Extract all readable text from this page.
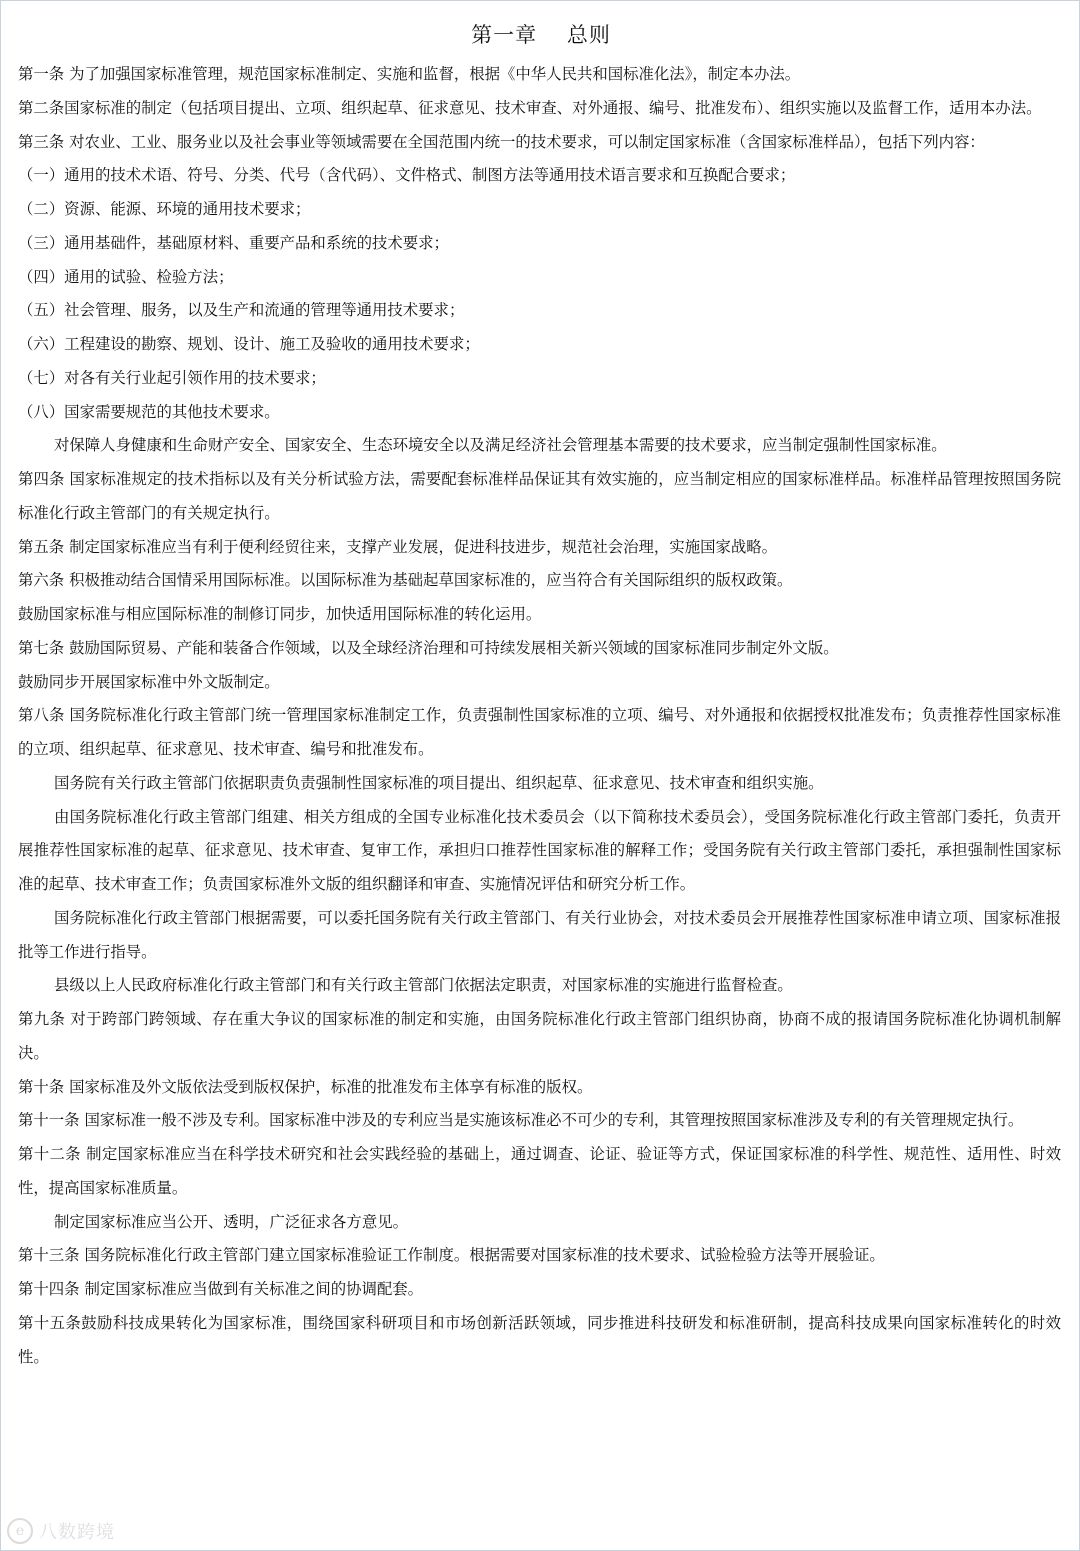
第一章　 总则

第一条 为了加强国家标准管理，规范国家标准制定、实施和监督，根据《中华人民共和国标准化法》，制定本办法。

第二条国家标准的制定（包括项目提出、立项、组织起草、征求意见、技术审查、对外通报、编号、批准发布）、组织实施以及监督工作，适用本办法。

第三条 对农业、工业、服务业以及社会事业等领域需要在全国范围内统一的技术要求，可以制定国家标准（含国家标准样品），包括下列内容：

（一）通用的技术术语、符号、分类、代号（含代码）、文件格式、制图方法等通用技术语言要求和互换配合要求；

（二）资源、能源、环境的通用技术要求；

（三）通用基础件，基础原材料、重要产品和系统的技术要求；

（四）通用的试验、检验方法；

（五）社会管理、服务，以及生产和流通的管理等通用技术要求；

（六）工程建设的勘察、规划、设计、施工及验收的通用技术要求；

（七）对各有关行业起引领作用的技术要求；

（八）国家需要规范的其他技术要求。

对保障人身健康和生命财产安全、国家安全、生态环境安全以及满足经济社会管理基本需要的技术要求，应当制定强制性国家标准。

第四条 国家标准规定的技术指标以及有关分析试验方法，需要配套标准样品保证其有效实施的，应当制定相应的国家标准样品。标准样品管理按照国务院标准化行政主管部门的有关规定执行。

第五条 制定国家标准应当有利于便利经贸往来，支撑产业发展，促进科技进步，规范社会治理，实施国家战略。

第六条 积极推动结合国情采用国际标准。以国际标准为基础起草国家标准的，应当符合有关国际组织的版权政策。

鼓励国家标准与相应国际标准的制修订同步，加快适用国际标准的转化运用。

第七条 鼓励国际贸易、产能和装备合作领域，以及全球经济治理和可持续发展相关新兴领域的国家标准同步制定外文版。

鼓励同步开展国家标准中外文版制定。

第八条 国务院标准化行政主管部门统一管理国家标准制定工作，负责强制性国家标准的立项、编号、对外通报和依据授权批准发布；负责推荐性国家标准的立项、组织起草、征求意见、技术审查、编号和批准发布。

国务院有关行政主管部门依据职责负责强制性国家标准的项目提出、组织起草、征求意见、技术审查和组织实施。

由国务院标准化行政主管部门组建、相关方组成的全国专业标准化技术委员会（以下简称技术委员会），受国务院标准化行政主管部门委托，负责开展推荐性国家标准的起草、征求意见、技术审查、复审工作，承担归口推荐性国家标准的解释工作；受国务院有关行政主管部门委托，承担强制性国家标准的起草、技术审查工作；负责国家标准外文版的组织翻译和审查、实施情况评估和研究分析工作。

国务院标准化行政主管部门根据需要，可以委托国务院有关行政主管部门、有关行业协会，对技术委员会开展推荐性国家标准申请立项、国家标准报批等工作进行指导。

县级以上人民政府标准化行政主管部门和有关行政主管部门依据法定职责，对国家标准的实施进行监督检查。

第九条 对于跨部门跨领域、存在重大争议的国家标准的制定和实施，由国务院标准化行政主管部门组织协商，协商不成的报请国务院标准化协调机制解决。

第十条 国家标准及外文版依法受到版权保护，标准的批准发布主体享有标准的版权。

第十一条 国家标准一般不涉及专利。国家标准中涉及的专利应当是实施该标准必不可少的专利，其管理按照国家标准涉及专利的有关管理规定执行。

第十二条 制定国家标准应当在科学技术研究和社会实践经验的基础上，通过调查、论证、验证等方式，保证国家标准的科学性、规范性、适用性、时效性，提高国家标准质量。

制定国家标准应当公开、透明，广泛征求各方意见。

第十三条 国务院标准化行政主管部门建立国家标准验证工作制度。根据需要对国家标准的技术要求、试验检验方法等开展验证。

第十四条 制定国家标准应当做到有关标准之间的协调配套。

第十五条鼓励科技成果转化为国家标准，围绕国家科研项目和市场创新活跃领域，同步推进科技研发和标准研制，提高科技成果向国家标准转化的时效性。

e 八数跨境
